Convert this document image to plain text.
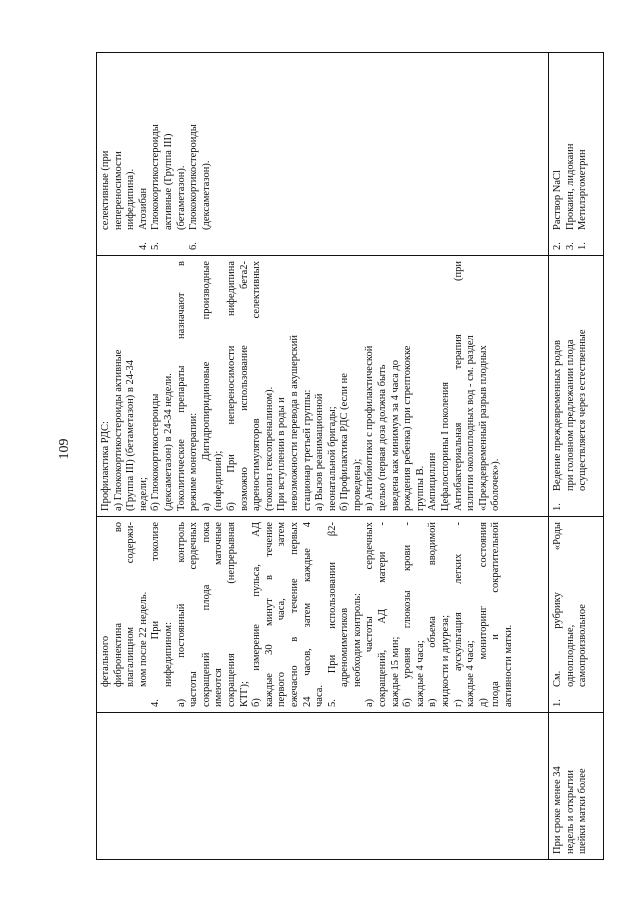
109
фетального фибронектина во влагалищном содержи- мом после 22 недель. 4. При токолизе нифедипином: а) постоянный контроль частоты сердечных сокращений плода пока имеются маточные сокращения (непрерывная КТГ); б) измерение пульса, АД каждые 30 минут в течение первого часа, затем ежечасно в течение первых 24 часов, затем каждые 4 часа. 5. При использовании β2- адреномиметиков необходим контроль: а) частоты сердечных сокращений, АД матери - каждые 15 мин; б) уровня глюкозы крови - каждые 4 часа; в) объема вводимой жидкости и диуреза; г) аускультация легких - каждые 4 часа; д) мониторинг состояния плода и сократительной активности матки.
Профилактика РДС: а) Глюкокортикостероиды активные (Группа III) (бетаметазон) в 24-34 недели; б) Глюкокортикостероиды (дексаметазон) в 24-34 недели. Токолитические препараты назначают в режиме монотерапии: а) Дигидропиридиновые производные (нифедипин); б) При непереносимости нифедипина возможно использование бета2- адреностимуляторов селективных (токолиз гексопреналином). При вступлении в роды и невозможности перевода в акушерский стационар третьей группы: а) Вызов реанимационной неонатальной бригады; б) Профилактика РДС (если не проведена); в) Антибиотики с профилактической целью (первая доза должна быть введена как минимум за 4 часа до рождения ребенка) при стрептококке группы В. Ампициллин Цефалоспорины I поколения Антибактериальная терапия (при излитии околоплодных вод - см. раздел «Преждевременный разрыв плодных оболочек»).
селективные (при непереносимости нифедипина).
4.
Атозибан
5.
Глюкокортикостероиды активные (Группа III) (бетаметазон).
6.
Глюкокортикостероиды (дексаметазон).
При сроке менее 34 недель и открытии шейки матки более
1.
См. рубрику «Роды одноплодные, самопроизвольное
1.
Ведение преждевременных родов при головном предлежании плода осуществляется через естественные
2.
Раствор NaCl
3.
Прокаин, лидокаин
1.
Метилэргометрин
